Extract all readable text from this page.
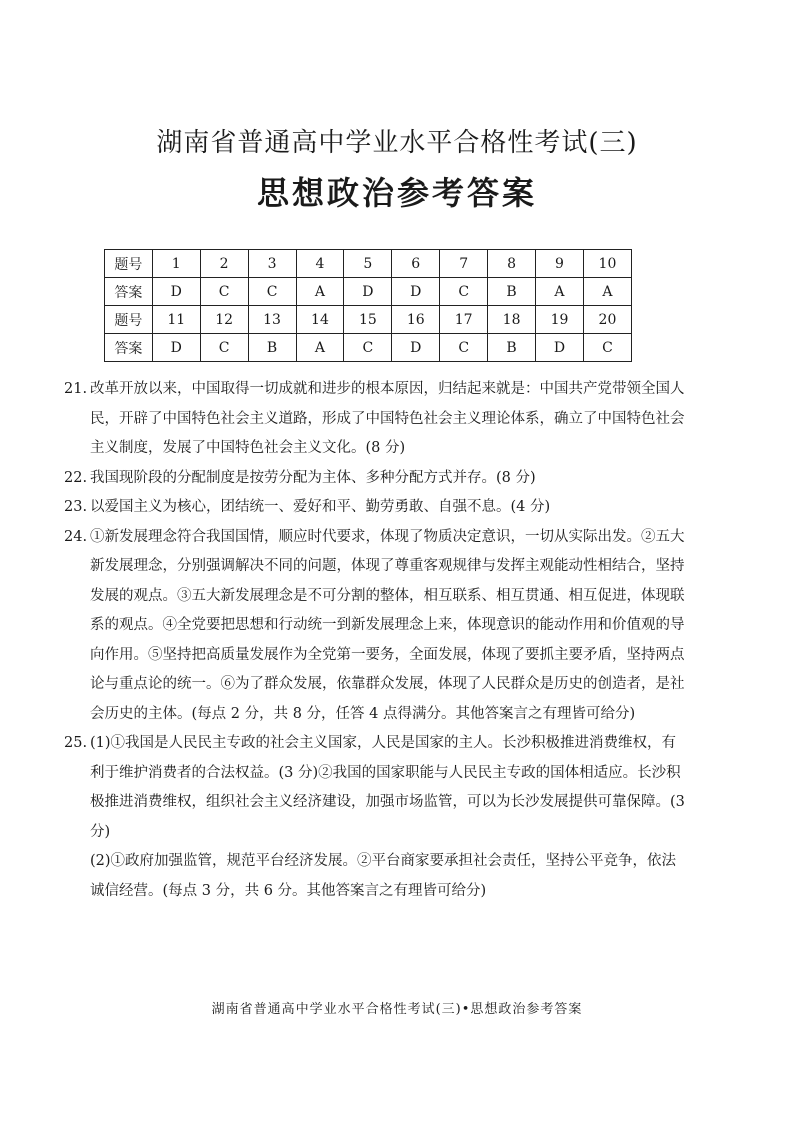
湖南省普通高中学业水平合格性考试(三)
思想政治参考答案
题号	1	2	3	4	5	6	7	8	9	10
答案	D	C	C	A	D	D	C	B	A	A
题号	11	12	13	14	15	16	17	18	19	20
答案	D	C	B	A	C	D	C	B	D	C

21. 改革开放以来，中国取得一切成就和进步的根本原因，归结起来就是：中国共产党带领全国人民，开辟了中国特色社会主义道路，形成了中国特色社会主义理论体系，确立了中国特色社会主义制度，发展了中国特色社会主义文化。(8 分)

22. 我国现阶段的分配制度是按劳分配为主体、多种分配方式并存。(8 分)

23. 以爱国主义为核心，团结统一、爱好和平、勤劳勇敢、自强不息。(4 分)

24. ①新发展理念符合我国国情，顺应时代要求，体现了物质决定意识，一切从实际出发。②五大新发展理念，分别强调解决不同的问题，体现了尊重客观规律与发挥主观能动性相结合，坚持发展的观点。③五大新发展理念是不可分割的整体，相互联系、相互贯通、相互促进，体现联系的观点。④全党要把思想和行动统一到新发展理念上来，体现意识的能动作用和价值观的导向作用。⑤坚持把高质量发展作为全党第一要务，全面发展，体现了要抓主要矛盾，坚持两点论与重点论的统一。⑥为了群众发展，依靠群众发展，体现了人民群众是历史的创造者，是社会历史的主体。(每点 2 分，共 8 分，任答 4 点得满分。其他答案言之有理皆可给分)

25. (1)①我国是人民民主专政的社会主义国家，人民是国家的主人。长沙积极推进消费维权，有利于维护消费者的合法权益。(3 分)②我国的国家职能与人民民主专政的国体相适应。长沙积极推进消费维权，组织社会主义经济建设，加强市场监管，可以为长沙发展提供可靠保障。(3 分)

(2)①政府加强监管，规范平台经济发展。②平台商家要承担社会责任，坚持公平竞争，依法诚信经营。(每点 3 分，共 6 分。其他答案言之有理皆可给分)

湖南省普通高中学业水平合格性考试(三)•思想政治参考答案
